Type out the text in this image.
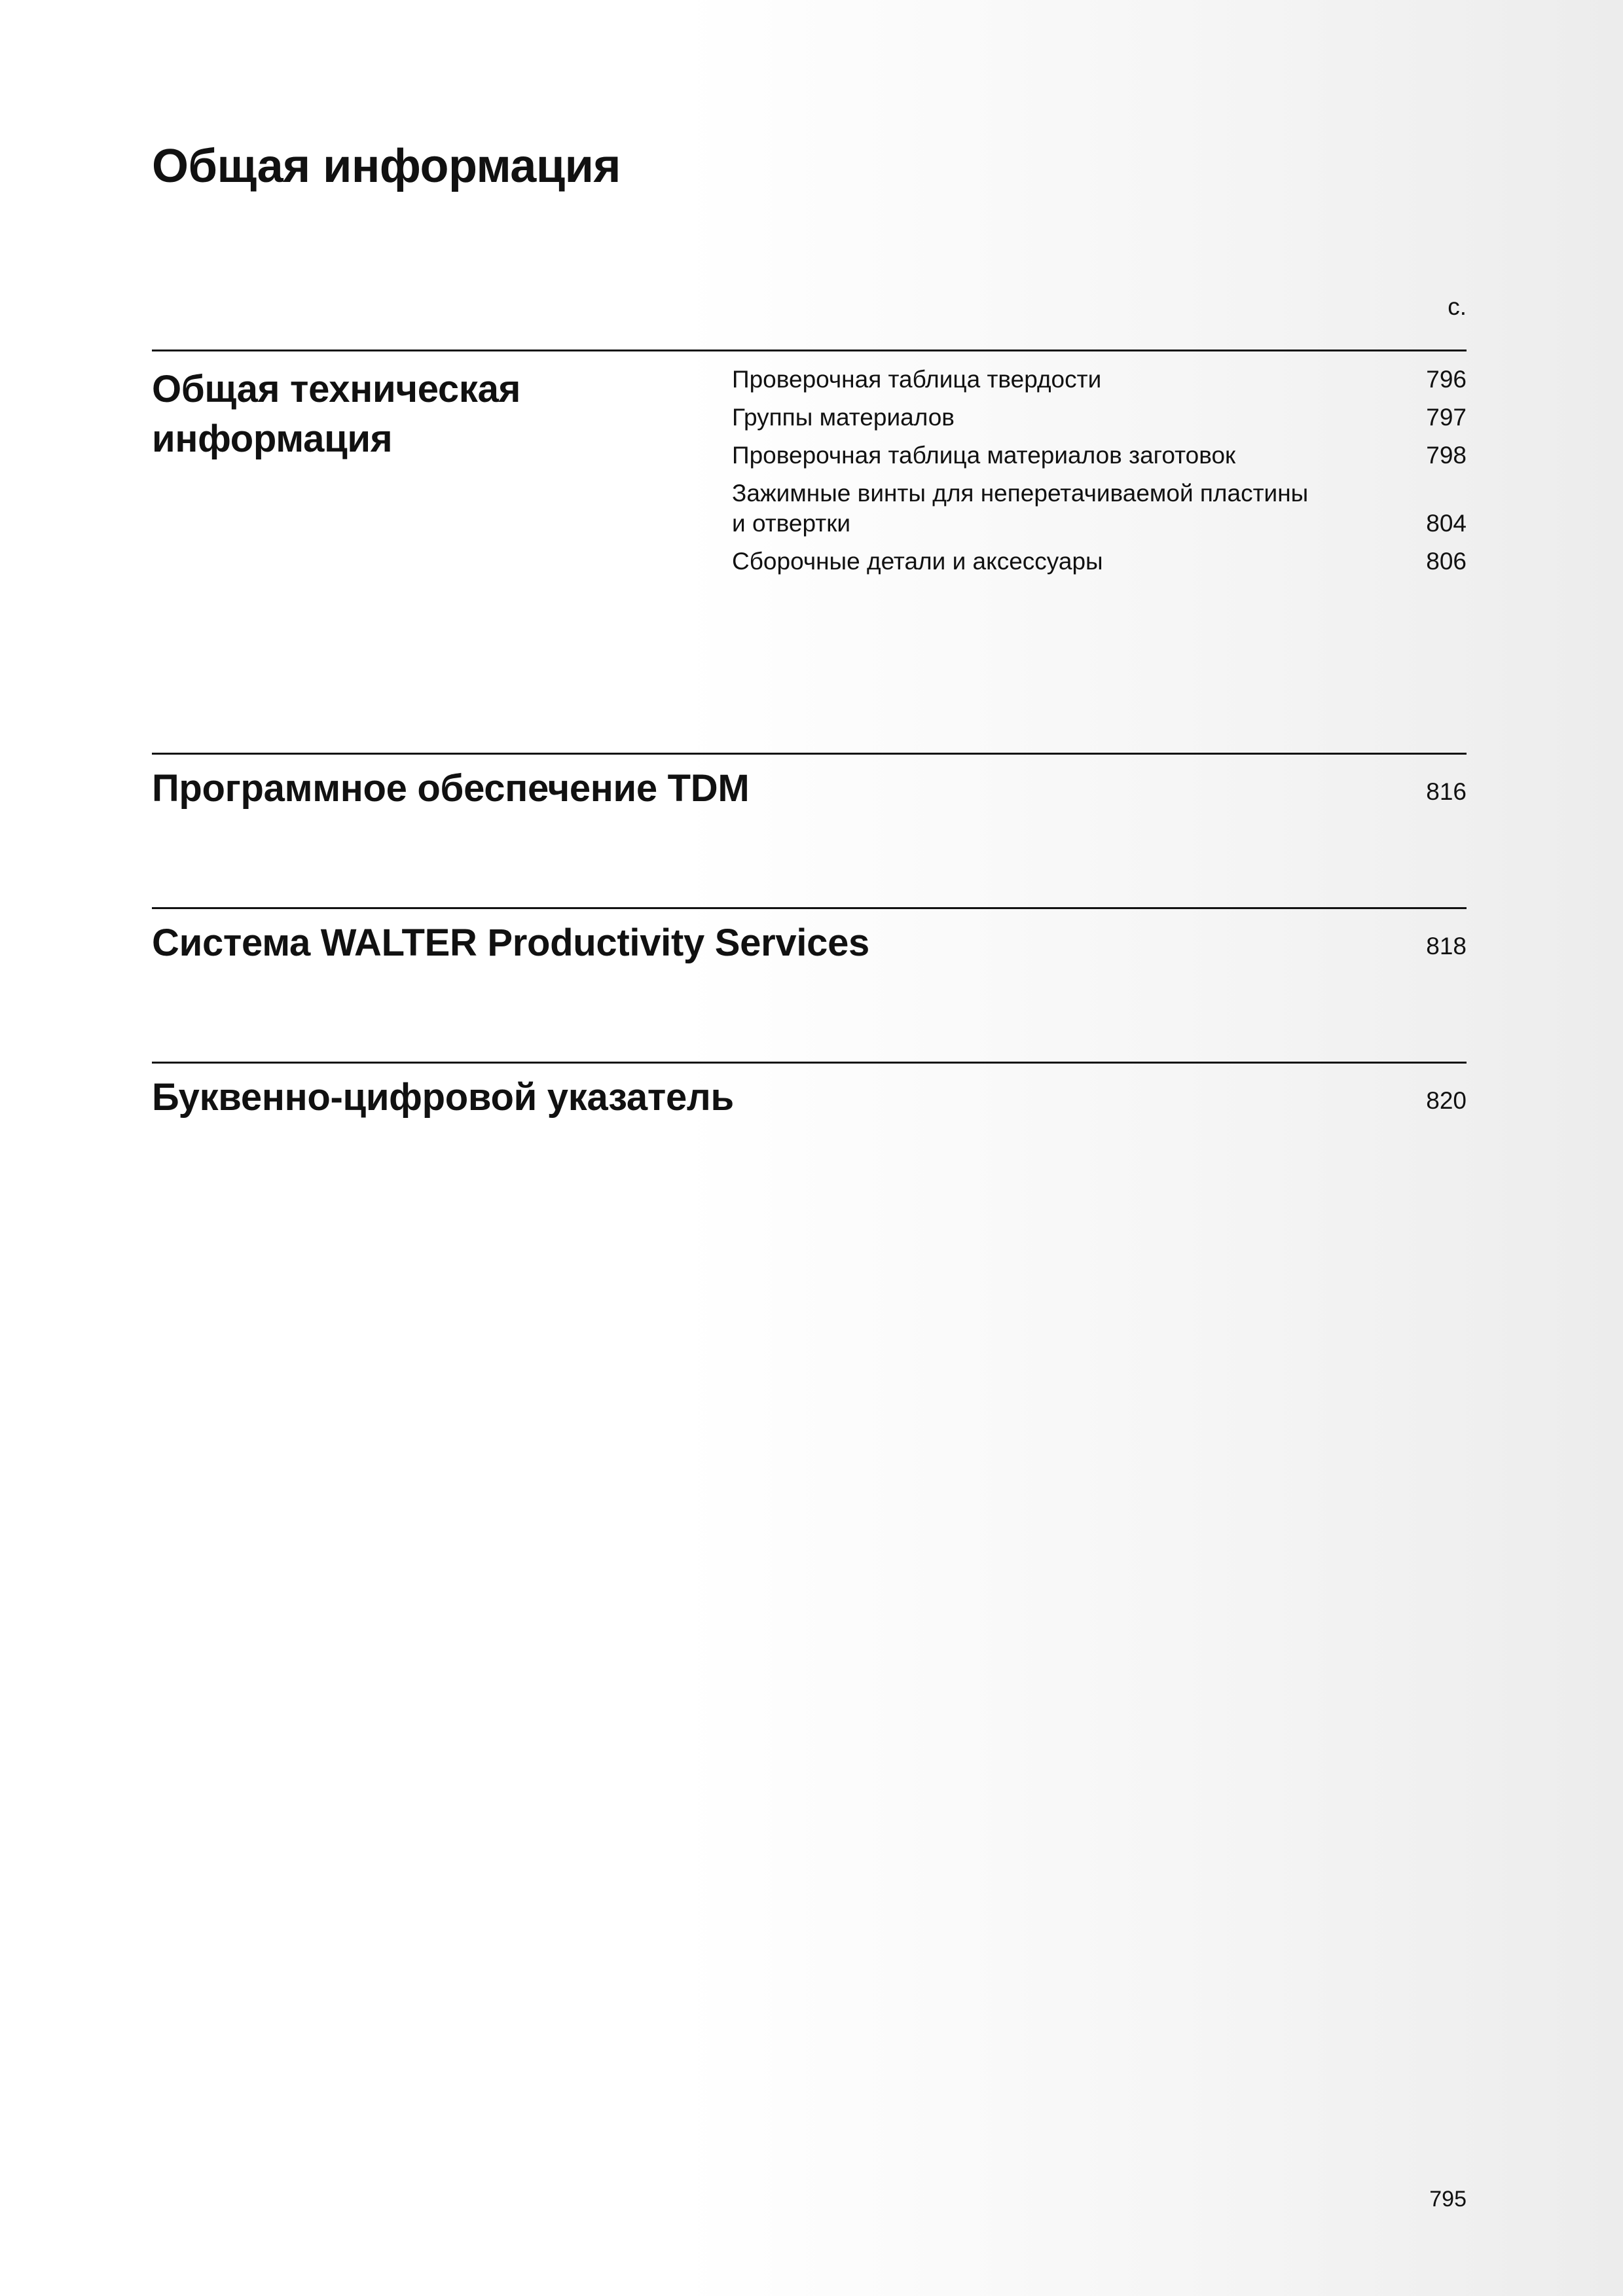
Общая информация
с.
Общая техническая
информация
Проверочная таблица твердости	796
Группы материалов	797
Проверочная таблица материалов заготовок	798
Зажимные винты для неперетачиваемой пластины
и отвертки	804
Сборочные детали и аксессуары	806
Программное обеспечение TDM	816
Система WALTER Productivity Services	818
Буквенно-цифровой указатель	820
795
